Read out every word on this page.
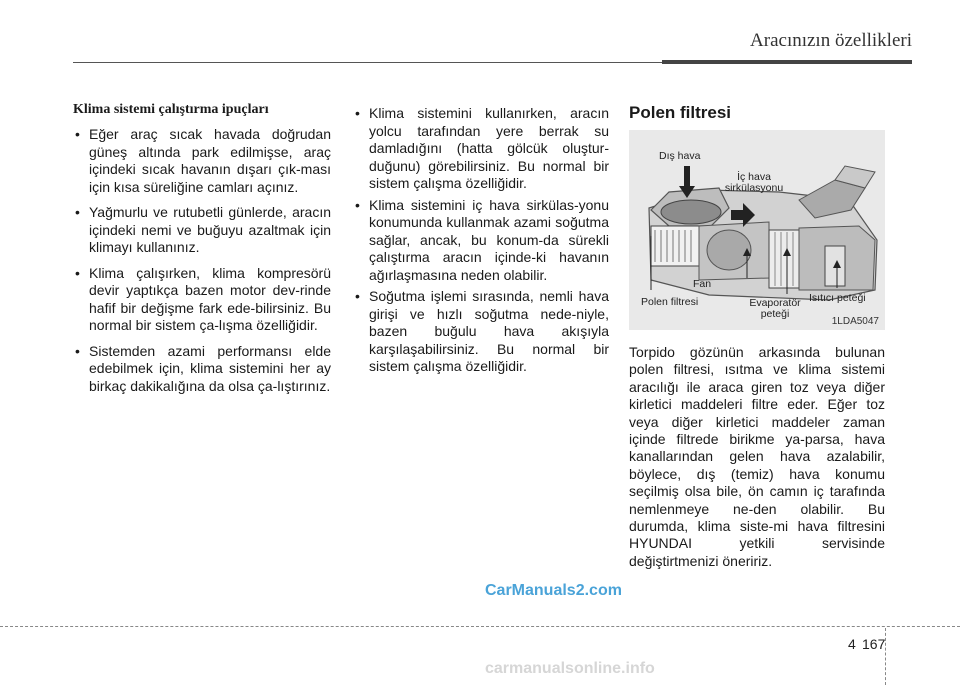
Aracınızın özellikleri
Klima sistemi çalıştırma ipuçları
• Eğer araç sıcak havada doğrudan güneş altında park edilmişse, araç içindeki sıcak havanın dışarı çık-ması için kısa süreliğine camları açınız.
• Yağmurlu ve rutubetli günlerde, aracın içindeki nemi ve buğuyu azaltmak için klimayı kullanınız.
• Klima çalışırken, klima kompresörü devir yaptıkça bazen motor dev-rinde hafif bir değişme fark ede-bilirsiniz. Bu normal bir sistem ça-lışma özelliğidir.
• Sistemden azami performansı elde edebilmek için, klima sistemini her ay birkaç dakikalığına da olsa ça-lıştırınız.
• Klima sistemini kullanırken, aracın yolcu tarafından yere berrak su damladığını (hatta gölcük oluştur-duğunu) görebilirsiniz. Bu normal bir sistem çalışma özelliğidir.
• Klima sistemini iç hava sirkülas-yonu konumunda kullanmak azami soğutma sağlar, ancak, bu konum-da sürekli çalıştırma aracın içinde-ki havanın ağırlaşmasına neden olabilir.
• Soğutma işlemi sırasında, nemli hava girişi ve hızlı soğutma nede-niyle, bazen buğulu hava akışıyla karşılaşabilirsiniz. Bu normal bir sistem çalışma özelliğidir.
Polen filtresi
Dış hava
İç hava sirkülasyonu
Fan
Polen filtresi	Evaporatör peteği
Isıtıcı peteği
1LDA5047
Torpido gözünün arkasında bulunan polen filtresi, ısıtma ve klima sistemi aracılığı ile araca giren toz veya diğer kirletici maddeleri filtre eder. Eğer toz veya diğer kirletici maddeler zaman içinde filtrede birikme ya-parsa, hava kanallarından gelen hava azalabilir, böylece, dış (temiz) hava konumu seçilmiş olsa bile, ön camın iç tarafında nemlenmeye ne-den olabilir. Bu durumda, klima siste-mi hava filtresini HYUNDAI yetkili servisinde değiştirtmenizi öneririz.
CarManuals2.com
4 167
carmanualsonline.info
